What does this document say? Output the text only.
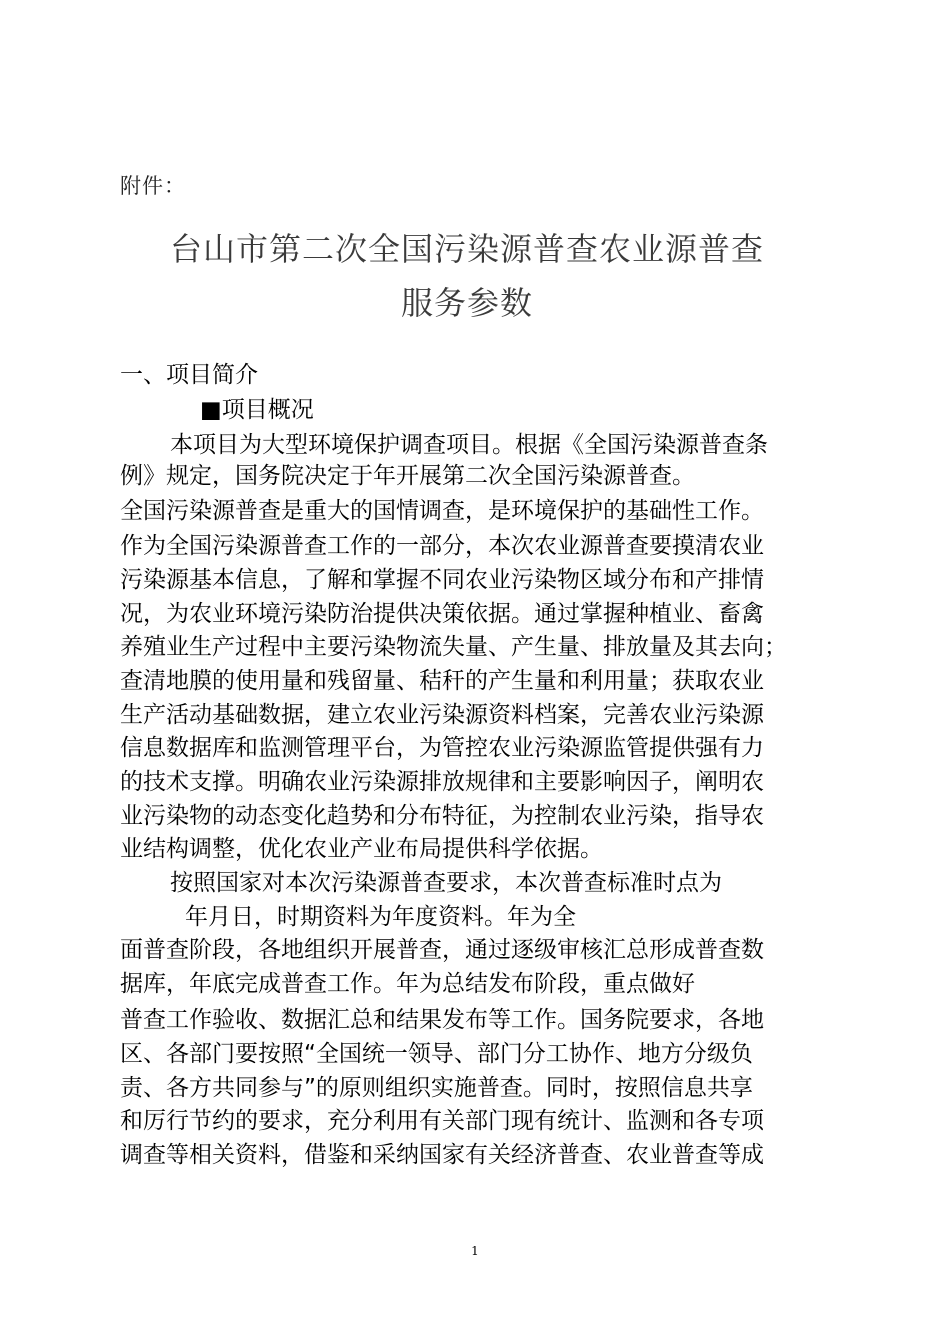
附件：
台山市第二次全国污染源普查农业源普查
服务参数
一、项目简介
■项目概况
本项目为大型环境保护调查项目。根据《全国污染源普查条
例》规定，国务院决定于年开展第二次全国污染源普查。
全国污染源普查是重大的国情调查，是环境保护的基础性工作。
作为全国污染源普查工作的一部分，本次农业源普查要摸清农业
污染源基本信息，了解和掌握不同农业污染物区域分布和产排情
况，为农业环境污染防治提供决策依据。通过掌握种植业、畜禽
养殖业生产过程中主要污染物流失量、产生量、排放量及其去向；
查清地膜的使用量和残留量、秸秆的产生量和利用量；获取农业
生产活动基础数据，建立农业污染源资料档案，完善农业污染源
信息数据库和监测管理平台，为管控农业污染源监管提供强有力
的技术支撑。明确农业污染源排放规律和主要影响因子，阐明农
业污染物的动态变化趋势和分布特征，为控制农业污染，指导农
业结构调整，优化农业产业布局提供科学依据。
按照国家对本次污染源普查要求，本次普查标准时点为
年月日，时期资料为年度资料。年为全
面普查阶段，各地组织开展普查，通过逐级审核汇总形成普查数
据库，年底完成普查工作。年为总结发布阶段，重点做好
普查工作验收、数据汇总和结果发布等工作。国务院要求，各地
区、各部门要按照“全国统一领导、部门分工协作、地方分级负
责、各方共同参与”的原则组织实施普查。同时，按照信息共享
和厉行节约的要求，充分利用有关部门现有统计、监测和各专项
调查等相关资料，借鉴和采纳国家有关经济普查、农业普查等成
1
